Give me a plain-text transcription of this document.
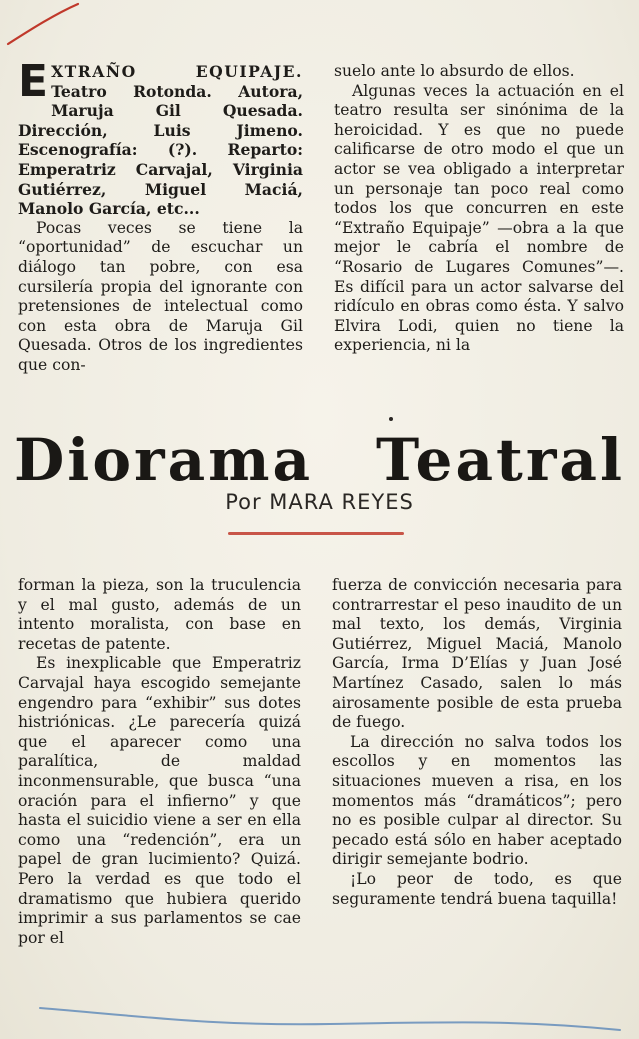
EXTRAÑO EQUIPAJE. Teatro Rotonda. Autora, Maruja Gil Quesada. Dirección, Luis Jimeno. Escenografía: (?). Reparto: Emperatriz Carvajal, Virginia Gutiérrez, Miguel Maciá, Manolo García, etc...

Pocas veces se tiene la “oportunidad” de escuchar un diálogo tan pobre, con esa cursilería propia del ignorante con pretensiones de intelectual como con esta obra de Maruja Gil Quesada. Otros de los ingredientes que con-

suelo ante lo absurdo de ellos.

Algunas veces la actuación en el teatro resulta ser sinónima de la heroicidad. Y es que no puede calificarse de otro modo el que un actor se vea obligado a interpretar un personaje tan poco real como todos los que concurren en este “Extraño Equipaje” —obra a la que mejor le cabría el nombre de “Rosario de Lugares Comunes”—. Es difícil para un actor salvarse del ridículo en obras como ésta. Y salvo Elvira Lodi, quien no tiene la experiencia, ni la

Diorama Teatral
Por MARA REYES

forman la pieza, son la truculencia y el mal gusto, además de un intento moralista, con base en recetas de patente.

Es inexplicable que Emperatriz Carvajal haya escogido semejante engendro para “exhibir” sus dotes histriónicas. ¿Le parecería quizá que el aparecer como una paralítica, de maldad inconmensurable, que busca “una oración para el infierno” y que hasta el suicidio viene a ser en ella como una “redención”, era un papel de gran lucimiento? Quizá. Pero la verdad es que todo el dramatismo que hubiera querido imprimir a sus parlamentos se cae por el

fuerza de convicción necesaria para contrarrestar el peso inaudito de un mal texto, los demás, Virginia Gutiérrez, Miguel Maciá, Manolo García, Irma D’Elías y Juan José Martínez Casado, salen lo más airosamente posible de esta prueba de fuego.

La dirección no salva todos los escollos y en momentos las situaciones mueven a risa, en los momentos más “dramáticos”; pero no es posible culpar al director. Su pecado está sólo en haber aceptado dirigir semejante bodrio.

¡Lo peor de todo, es que seguramente tendrá buena taquilla!
